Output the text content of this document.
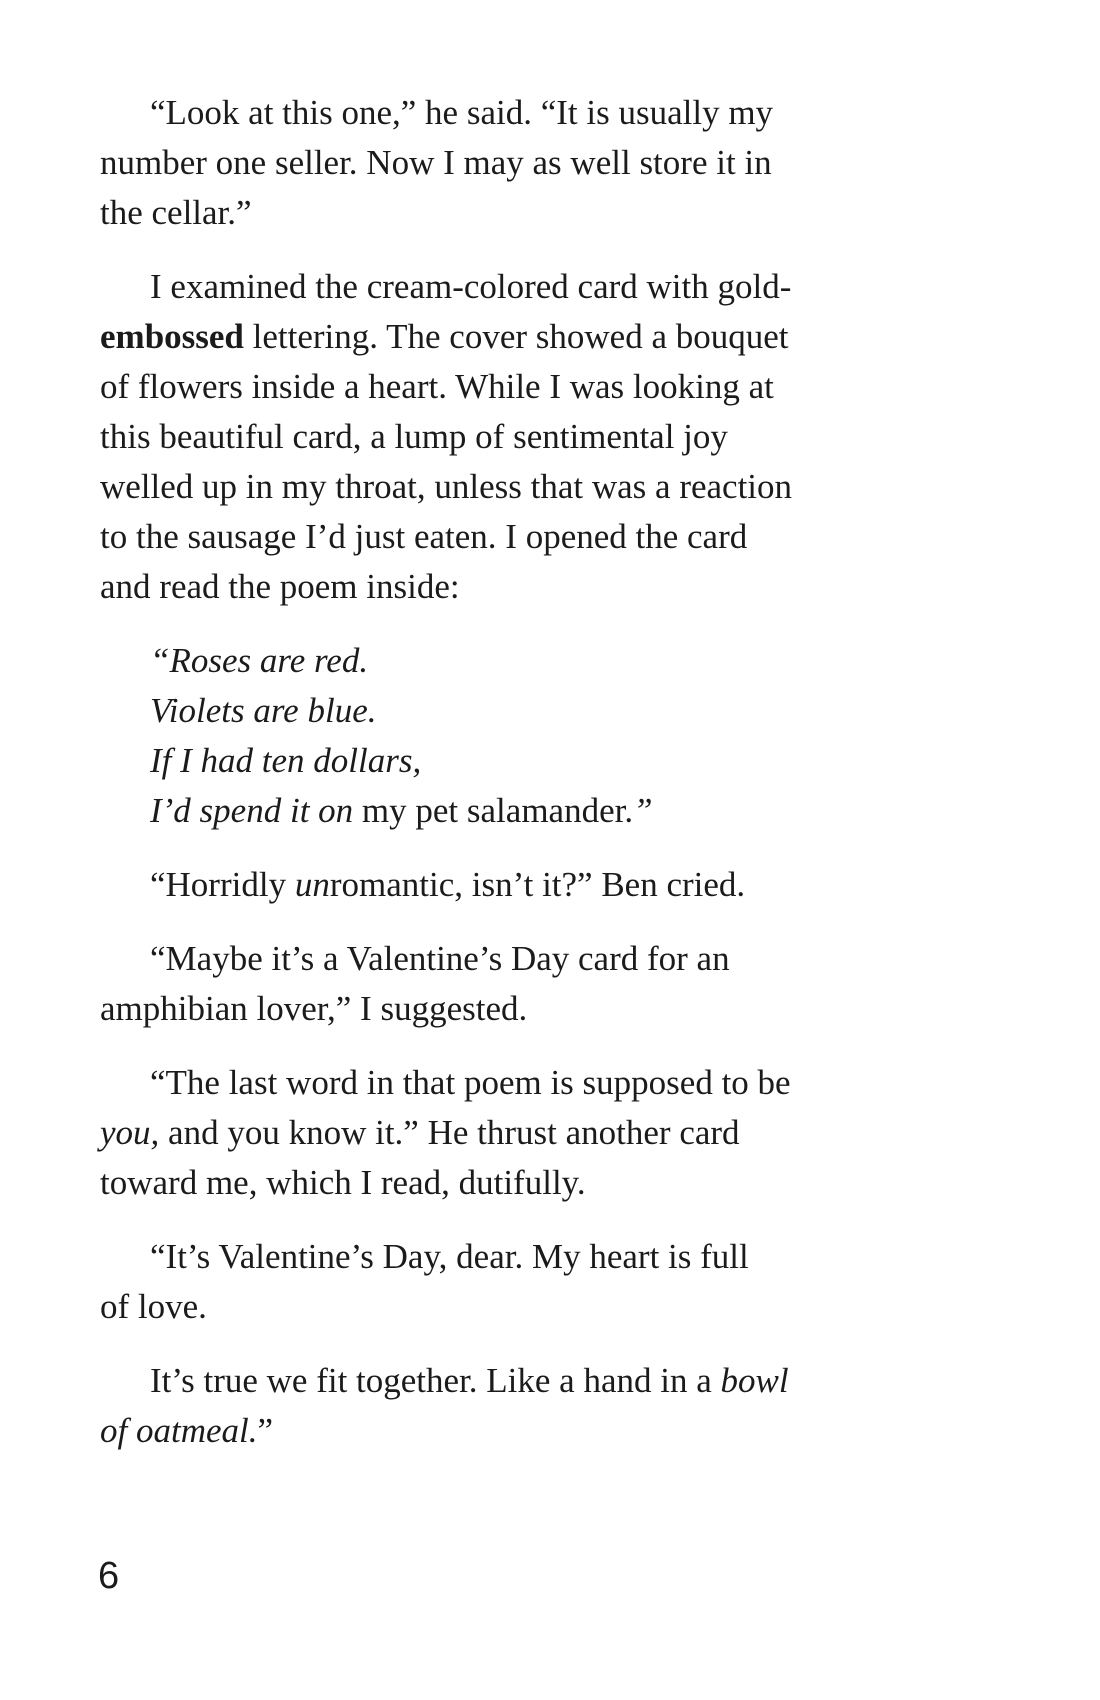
“Look at this one,” he said. “It is usually my
number one seller. Now I may as well store it in
the cellar.”
I examined the cream-colored card with gold-
embossed lettering. The cover showed a bouquet
of flowers inside a heart. While I was looking at
this beautiful card, a lump of sentimental joy
welled up in my throat, unless that was a reaction
to the sausage I’d just eaten. I opened the card
and read the poem inside:
“Roses are red.
Violets are blue.
If I had ten dollars,
I’d spend it on my pet salamander.”
“Horridly unromantic, isn’t it?” Ben cried.
“Maybe it’s a Valentine’s Day card for an
amphibian lover,” I suggested.
“The last word in that poem is supposed to be
you, and you know it.” He thrust another card
toward me, which I read, dutifully.
“It’s Valentine’s Day, dear. My heart is full
of love.
It’s true we fit together. Like a hand in a bowl
of oatmeal.”
6
